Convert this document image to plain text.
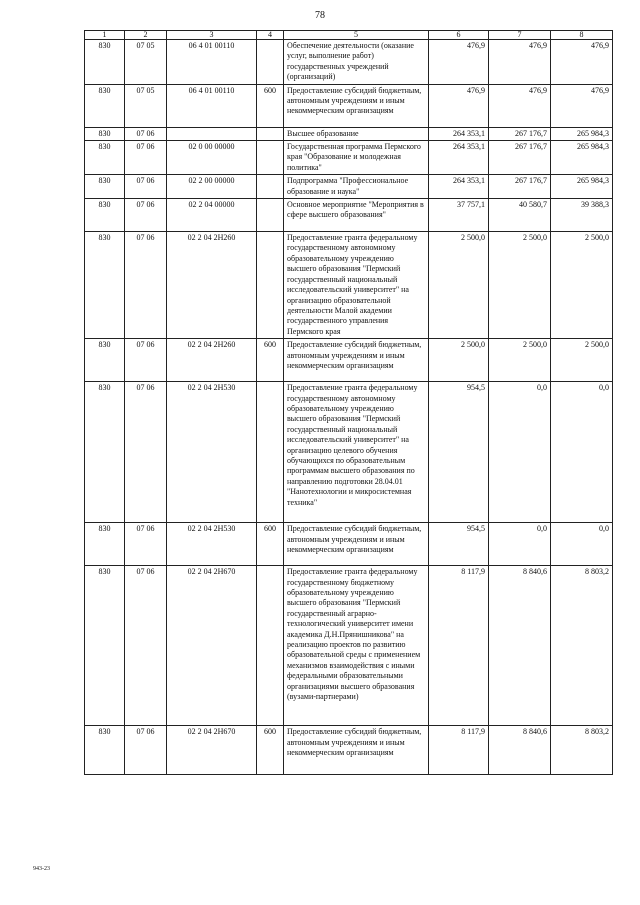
78
1	2	3	4	5	6	7	8
830	07 05	06 4 01 00110		Обеспечение деятельности (оказание услуг, выполнение работ) государственных учреждений (организаций)	476,9	476,9	476,9
830	07 05	06 4 01 00110	600	Предоставление субсидий бюджетным, автономным учреждениям и иным некоммерческим организациям	476,9	476,9	476,9
830	07 06			Высшее образование	264 353,1	267 176,7	265 984,3
830	07 06	02 0 00 00000		Государственная программа Пермского края "Образование и молодежная политика"	264 353,1	267 176,7	265 984,3
830	07 06	02 2 00 00000		Подпрограмма "Профессиональное образование и наука"	264 353,1	267 176,7	265 984,3
830	07 06	02 2 04 00000		Основное мероприятие "Мероприятия в сфере высшего образования"	37 757,1	40 580,7	39 388,3
830	07 06	02 2 04 2Н260		Предоставление гранта федеральному государственному автономному образовательному учреждению высшего образования "Пермский государственный национальный исследовательский университет" на организацию образовательной деятельности Малой академии государственного управления Пермского края	2 500,0	2 500,0	2 500,0
830	07 06	02 2 04 2Н260	600	Предоставление субсидий бюджетным, автономным учреждениям и иным некоммерческим организациям	2 500,0	2 500,0	2 500,0
830	07 06	02 2 04 2Н530		Предоставление гранта федеральному государственному автономному образовательному учреждению высшего образования "Пермский государственный национальный исследовательский университет" на организацию целевого обучения обучающихся по образовательным программам высшего образования по направлению подготовки 28.04.01 "Нанотехнологии и микросистемная техника"	954,5	0,0	0,0
830	07 06	02 2 04 2Н530	600	Предоставление субсидий бюджетным, автономным учреждениям и иным некоммерческим организациям	954,5	0,0	0,0
830	07 06	02 2 04 2Н670		Предоставление гранта федеральному государственному бюджетному образовательному учреждению высшего образования "Пермский государственный аграрно-технологический университет имени академика Д.Н.Прянишникова" на реализацию проектов по развитию образовательной среды с применением механизмов взаимодействия с иными федеральными образовательными организациями высшего образования (вузами-партнерами)	8 117,9	8 840,6	8 803,2
830	07 06	02 2 04 2Н670	600	Предоставление субсидий бюджетным, автономным учреждениям и иным некоммерческим организациям	8 117,9	8 840,6	8 803,2
943-23
